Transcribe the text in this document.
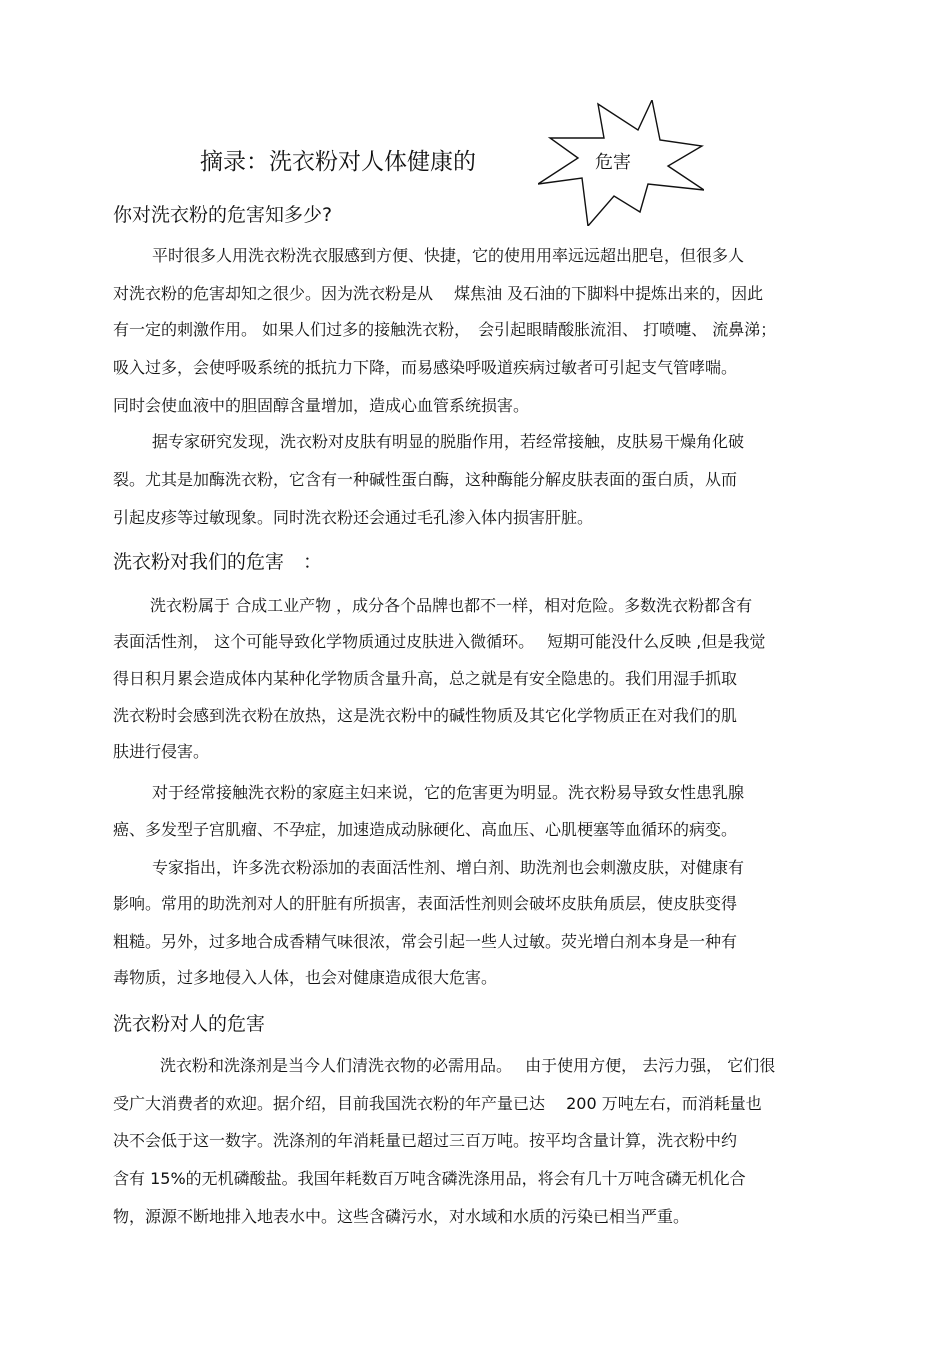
摘录：洗衣粉对人体健康的	危害
你对洗衣粉的危害知多少?
平时很多人用洗衣粉洗衣服感到方便、快捷，它的使用用率远远超出肥皂，但很多人
对洗衣粉的危害却知之很少。因为洗衣粉是从　 煤焦油 及石油的下脚料中提炼出来的，因此
有一定的刺激作用。 如果人们过多的接触洗衣粉，　会引起眼睛酸胀流泪、 打喷嚏、 流鼻涕；
吸入过多，会使呼吸系统的抵抗力下降，而易感染呼吸道疾病过敏者可引起支气管哮喘。
同时会使血液中的胆固醇含量增加，造成心血管系统损害。
据专家研究发现，洗衣粉对皮肤有明显的脱脂作用，若经常接触，皮肤易干燥角化破
裂。尤其是加酶洗衣粉，它含有一种碱性蛋白酶，这种酶能分解皮肤表面的蛋白质，从而
引起皮疹等过敏现象。同时洗衣粉还会通过毛孔渗入体内损害肝脏。
洗衣粉对我们的危害　：
洗衣粉属于 合成工业产物 ，成分各个品牌也都不一样，相对危险。多数洗衣粉都含有
表面活性剂， 这个可能导致化学物质通过皮肤进入微循环。　 短期可能没什么反映 ,但是我觉
得日积月累会造成体内某种化学物质含量升高，总之就是有安全隐患的。我们用湿手抓取
洗衣粉时会感到洗衣粉在放热，这是洗衣粉中的碱性物质及其它化学物质正在对我们的肌
肤进行侵害。
对于经常接触洗衣粉的家庭主妇来说，它的危害更为明显。洗衣粉易导致女性患乳腺
癌、多发型子宫肌瘤、不孕症，加速造成动脉硬化、高血压、心肌梗塞等血循环的病变。
专家指出，许多洗衣粉添加的表面活性剂、增白剂、助洗剂也会刺激皮肤，对健康有
影响。常用的助洗剂对人的肝脏有所损害，表面活性剂则会破坏皮肤角质层，使皮肤变得
粗糙。另外，过多地合成香精气味很浓，常会引起一些人过敏。荧光增白剂本身是一种有
毒物质，过多地侵入人体，也会对健康造成很大危害。
洗衣粉对人的危害
洗衣粉和洗涤剂是当今人们清洗衣物的必需用品。　 由于使用方便， 去污力强， 它们很
受广大消费者的欢迎。据介绍，目前我国洗衣粉的年产量已达　 200 万吨左右，而消耗量也
决不会低于这一数字。洗涤剂的年消耗量已超过三百万吨。按平均含量计算，洗衣粉中约
含有 15%的无机磷酸盐。我国年耗数百万吨含磷洗涤用品，将会有几十万吨含磷无机化合
物，源源不断地排入地表水中。这些含磷污水，对水域和水质的污染已相当严重。
